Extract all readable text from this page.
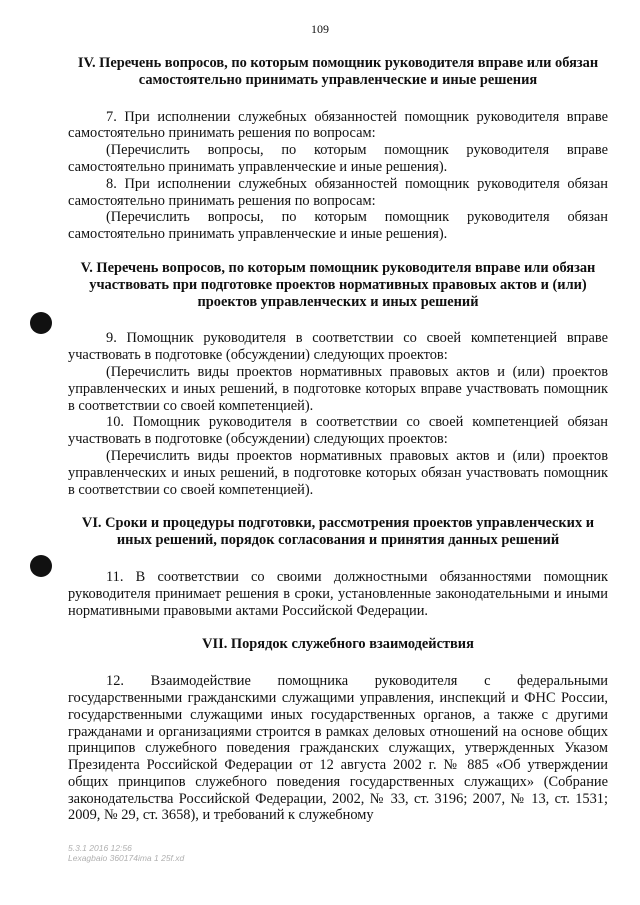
109

IV. Перечень вопросов, по которым помощник руководителя вправе или обязан самостоятельно принимать управленческие и иные решения

7. При исполнении служебных обязанностей помощник руководителя вправе самостоятельно принимать решения по вопросам:

(Перечислить вопросы, по которым помощник руководителя вправе самостоятельно принимать управленческие и иные решения).

8. При исполнении служебных обязанностей помощник руководителя обязан самостоятельно принимать решения по вопросам:

(Перечислить вопросы, по которым помощник руководителя обязан самостоятельно принимать управленческие и иные решения).

V. Перечень вопросов, по которым помощник руководителя вправе или обязан участвовать при подготовке проектов нормативных правовых актов и (или) проектов управленческих и иных решений

9. Помощник руководителя в соответствии со своей компетенцией вправе участвовать в подготовке (обсуждении) следующих проектов:

(Перечислить виды проектов нормативных правовых актов и (или) проектов управленческих и иных решений, в подготовке которых вправе участвовать помощник в соответствии со своей компетенцией).

10. Помощник руководителя в соответствии со своей компетенцией обязан участвовать в подготовке (обсуждении) следующих проектов:

(Перечислить виды проектов нормативных правовых актов и (или) проектов управленческих и иных решений, в подготовке которых обязан участвовать помощник в соответствии со своей компетенцией).

VI. Сроки и процедуры подготовки, рассмотрения проектов управленческих и иных решений, порядок согласования и принятия данных решений

11. В соответствии со своими должностными обязанностями помощник руководителя принимает решения в сроки, установленные законодательными и иными нормативными правовыми актами Российской Федерации.

VII. Порядок служебного взаимодействия

12. Взаимодействие помощника руководителя с федеральными государственными гражданскими служащими управления, инспекций и ФНС России, государственными служащими иных государственных органов, а также с другими гражданами и организациями строится в рамках деловых отношений на основе общих принципов служебного поведения гражданских служащих, утвержденных Указом Президента Российской Федерации от 12 августа 2002 г. № 885 «Об утверждении общих принципов служебного поведения государственных служащих» (Собрание законодательства Российской Федерации, 2002, № 33, ст. 3196; 2007, № 13, ст. 1531; 2009, № 29, ст. 3658), и требований к служебному

5.3.1 2016 12:56
Lexagbaio 360174ima 1 25f.xd
